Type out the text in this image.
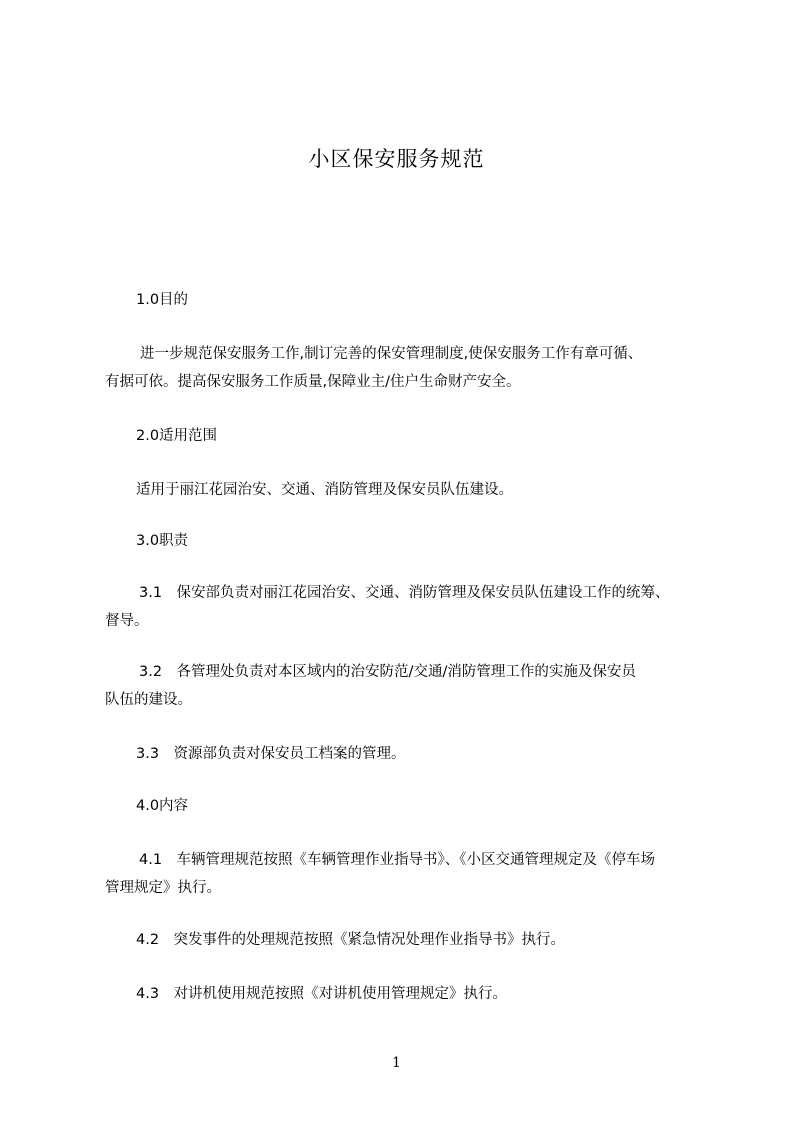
小区保安服务规范
1.0目的
进一步规范保安服务工作,制订完善的保安管理制度,使保安服务工作有章可循、
有据可依。提高保安服务工作质量,保障业主/住户生命财产安全。
2.0适用范围
适用于丽江花园治安、交通、消防管理及保安员队伍建设。
3.0职责
3.1　保安部负责对丽江花园治安、交通、消防管理及保安员队伍建设工作的统筹、
督导。
3.2　各管理处负责对本区域内的治安防范/交通/消防管理工作的实施及保安员
队伍的建设。
3.3　资源部负责对保安员工档案的管理。
4.0内容
4.1　车辆管理规范按照《车辆管理作业指导书》、《小区交通管理规定及《停车场
管理规定》执行。
4.2　突发事件的处理规范按照《紧急情况处理作业指导书》执行。
4.3　对讲机使用规范按照《对讲机使用管理规定》执行。
1
